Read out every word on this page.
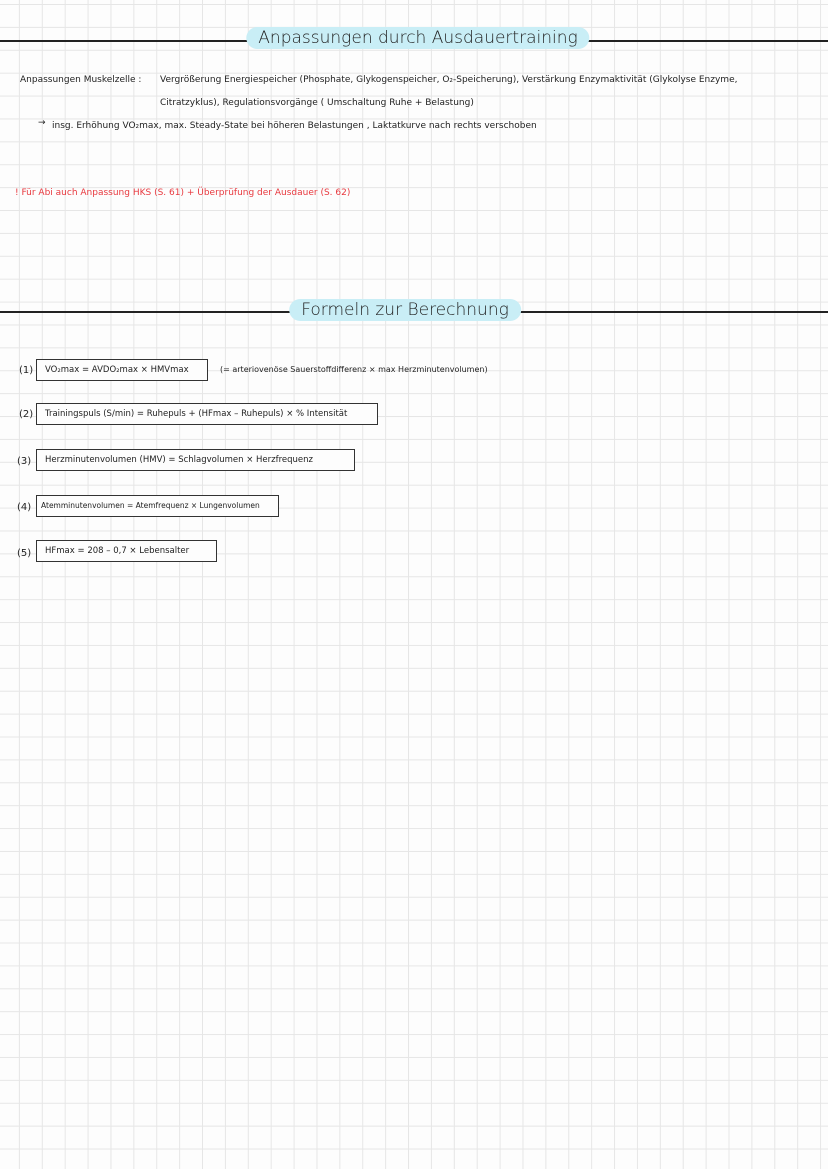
Anpassungen durch Ausdauertraining
Anpassungen Muskelzelle : Vergrößerung Energiespeicher (Phosphate, Glykogenspeicher, O₂-Speicherung), Verstärkung Enzymaktivität (Glykolyse Enzyme,
Citratzyklus), Regulationsvorgänge ( Umschaltung Ruhe + Belastung)
→ insg. Erhöhung VO₂max, max. Steady-State bei höheren Belastungen , Laktatkurve nach rechts verschoben
! Für Abi auch Anpassung HKS (S. 61) + Überprüfung der Ausdauer (S. 62)
Formeln zur Berechnung
(1)	VO₂max = AVDO₂max × HMVmax	(= arteriovenöse Sauerstoffdifferenz × max Herzminutenvolumen)
(2)	Trainingspuls (S/min) = Ruhepuls + (HFmax – Ruhepuls) × % Intensität
(3)	Herzminutenvolumen (HMV) = Schlagvolumen × Herzfrequenz
(4)	Atemminutenvolumen = Atemfrequenz × Lungenvolumen
(5)	HFmax = 208 – 0,7 × Lebensalter
